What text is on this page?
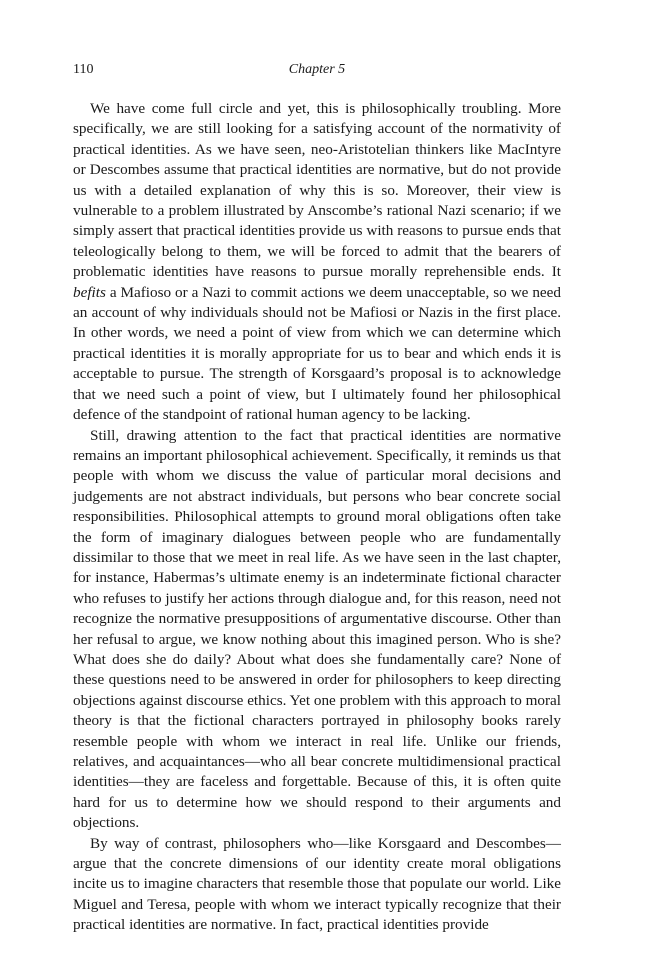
110	Chapter 5

We have come full circle and yet, this is philosophically troubling. More specifically, we are still looking for a satisfying account of the normativity of practical identities. As we have seen, neo-Aristotelian thinkers like MacIntyre or Descombes assume that practical identities are normative, but do not provide us with a detailed explanation of why this is so. Moreover, their view is vulnerable to a problem illustrated by Anscombe’s rational Nazi scenario; if we simply assert that practical identities provide us with reasons to pursue ends that teleologically belong to them, we will be forced to admit that the bearers of problematic identities have reasons to pursue morally reprehensible ends. It befits a Mafioso or a Nazi to commit actions we deem unacceptable, so we need an account of why individuals should not be Mafiosi or Nazis in the first place. In other words, we need a point of view from which we can determine which practical identities it is morally appropriate for us to bear and which ends it is acceptable to pursue. The strength of Korsgaard’s proposal is to acknowledge that we need such a point of view, but I ultimately found her philosophical defence of the standpoint of rational human agency to be lacking.

Still, drawing attention to the fact that practical identities are normative remains an important philosophical achievement. Specifically, it reminds us that people with whom we discuss the value of particular moral decisions and judgements are not abstract individuals, but persons who bear concrete social responsibilities. Philosophical attempts to ground moral obligations often take the form of imaginary dialogues between people who are fundamentally dissimilar to those that we meet in real life. As we have seen in the last chapter, for instance, Habermas’s ultimate enemy is an indeterminate fictional character who refuses to justify her actions through dialogue and, for this reason, need not recognize the normative presuppositions of argumentative discourse. Other than her refusal to argue, we know nothing about this imagined person. Who is she? What does she do daily? About what does she fundamentally care? None of these questions need to be answered in order for philosophers to keep directing objections against discourse ethics. Yet one problem with this approach to moral theory is that the fictional characters portrayed in philosophy books rarely resemble people with whom we interact in real life. Unlike our friends, relatives, and acquaintances—who all bear concrete multidimensional practical identities—they are faceless and forgettable. Because of this, it is often quite hard for us to determine how we should respond to their arguments and objections.

By way of contrast, philosophers who—like Korsgaard and Descombes—argue that the concrete dimensions of our identity create moral obligations incite us to imagine characters that resemble those that populate our world. Like Miguel and Teresa, people with whom we interact typically recognize that their practical identities are normative. In fact, practical identities provide
